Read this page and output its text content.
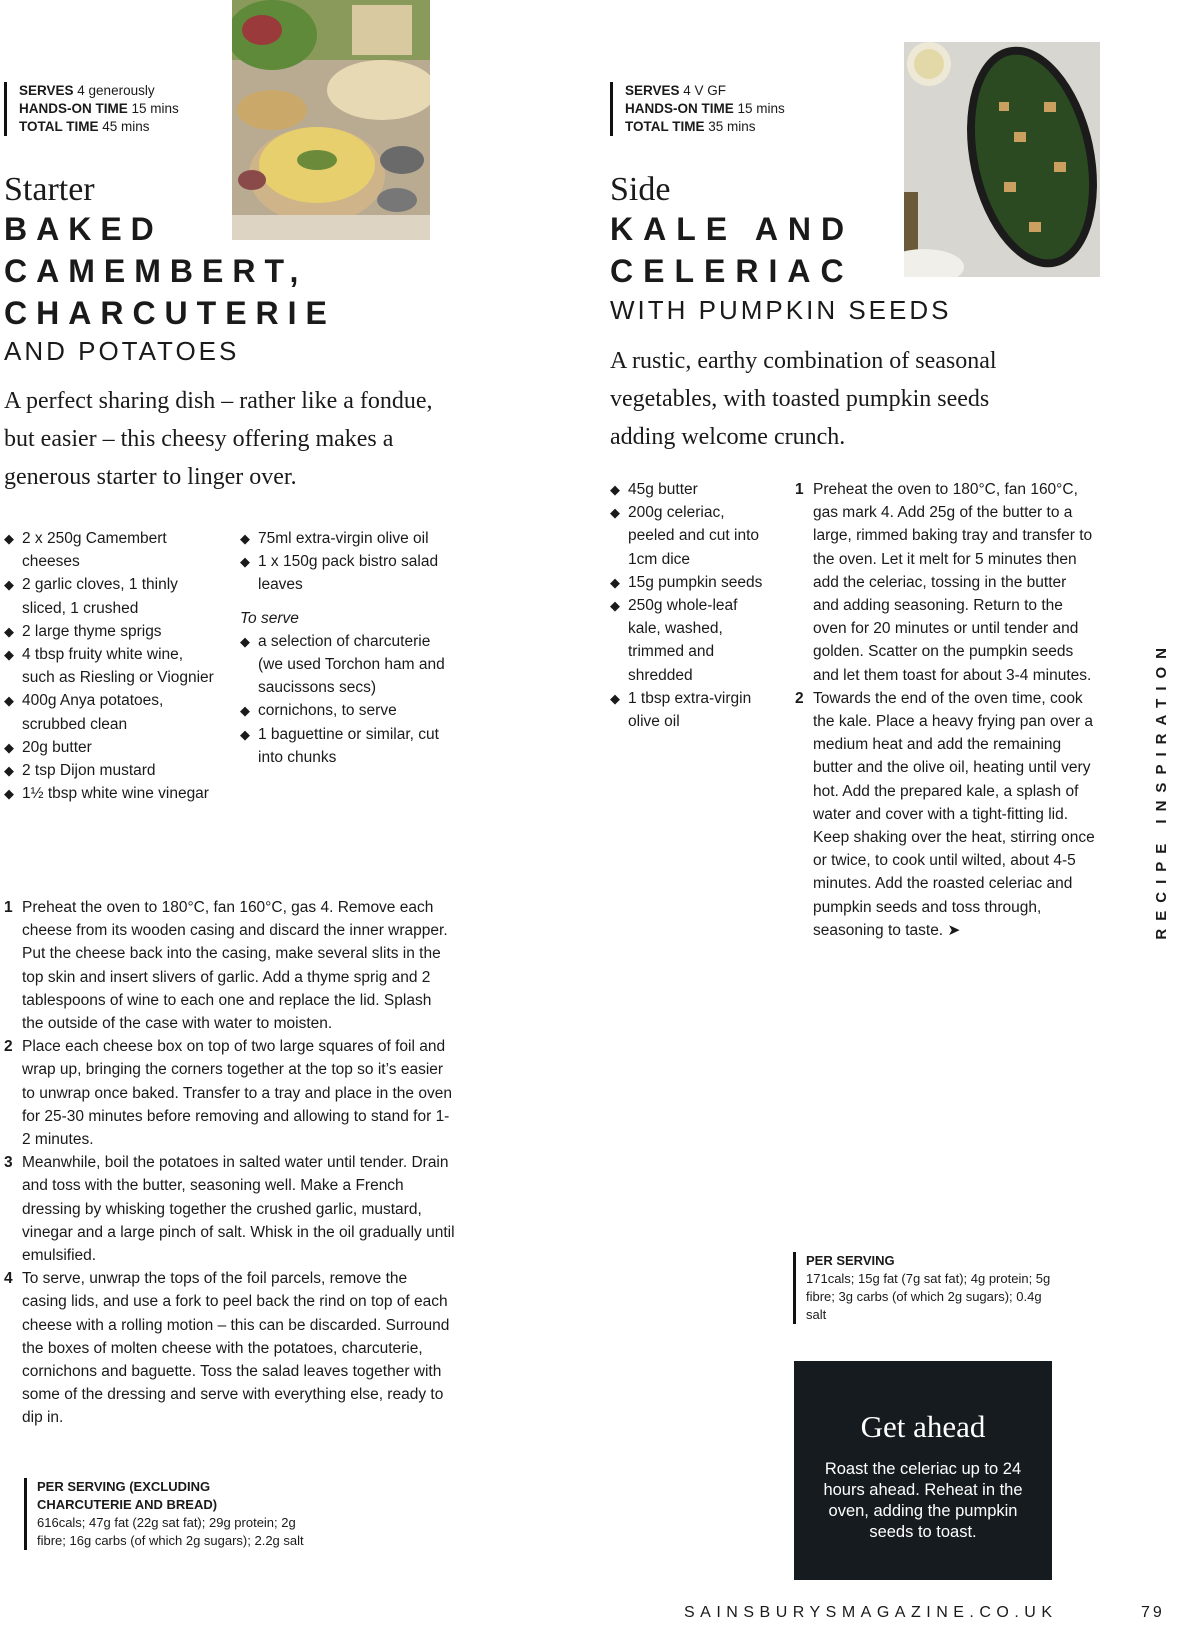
SERVES 4 generously
HANDS-ON TIME 15 mins
TOTAL TIME 45 mins
Starter
BAKED
CAMEMBERT,
CHARCUTERIE
AND POTATOES
A perfect sharing dish – rather like a fondue, but easier – this cheesy offering makes a generous starter to linger over.
◆ 2 x 250g Camembert cheeses
◆ 2 garlic cloves, 1 thinly sliced, 1 crushed
◆ 2 large thyme sprigs
◆ 4 tbsp fruity white wine, such as Riesling or Viognier
◆ 400g Anya potatoes, scrubbed clean
◆ 20g butter
◆ 2 tsp Dijon mustard
◆ 1½ tbsp white wine vinegar
◆ 75ml extra-virgin olive oil
◆ 1 x 150g pack bistro salad leaves
To serve
◆ a selection of charcuterie (we used Torchon ham and saucissons secs)
◆ cornichons, to serve
◆ 1 baguettine or similar, cut into chunks
1 Preheat the oven to 180°C, fan 160°C, gas 4. Remove each cheese from its wooden casing and discard the inner wrapper. Put the cheese back into the casing, make several slits in the top skin and insert slivers of garlic. Add a thyme sprig and 2 tablespoons of wine to each one and replace the lid. Splash the outside of the case with water to moisten.
2 Place each cheese box on top of two large squares of foil and wrap up, bringing the corners together at the top so it’s easier to unwrap once baked. Transfer to a tray and place in the oven for 25-30 minutes before removing and allowing to stand for 1-2 minutes.
3 Meanwhile, boil the potatoes in salted water until tender. Drain and toss with the butter, seasoning well. Make a French dressing by whisking together the crushed garlic, mustard, vinegar and a large pinch of salt. Whisk in the oil gradually until emulsified.
4 To serve, unwrap the tops of the foil parcels, remove the casing lids, and use a fork to peel back the rind on top of each cheese with a rolling motion – this can be discarded. Surround the boxes of molten cheese with the potatoes, charcuterie, cornichons and baguette. Toss the salad leaves together with some of the dressing and serve with everything else, ready to dip in.
PER SERVING (EXCLUDING CHARCUTERIE AND BREAD)
616cals; 47g fat (22g sat fat); 29g protein; 2g fibre; 16g carbs (of which 2g sugars); 2.2g salt
SERVES 4 V GF
HANDS-ON TIME 15 mins
TOTAL TIME 35 mins
Side
KALE AND
CELERIAC
WITH PUMPKIN SEEDS
A rustic, earthy combination of seasonal vegetables, with toasted pumpkin seeds adding welcome crunch.
◆ 45g butter
◆ 200g celeriac, peeled and cut into 1cm dice
◆ 15g pumpkin seeds
◆ 250g whole-leaf kale, washed, trimmed and shredded
◆ 1 tbsp extra-virgin olive oil
1 Preheat the oven to 180°C, fan 160°C, gas mark 4. Add 25g of the butter to a large, rimmed baking tray and transfer to the oven. Let it melt for 5 minutes then add the celeriac, tossing in the butter and adding seasoning. Return to the oven for 20 minutes or until tender and golden. Scatter on the pumpkin seeds and let them toast for about 3-4 minutes.
2 Towards the end of the oven time, cook the kale. Place a heavy frying pan over a medium heat and add the remaining butter and the olive oil, heating until very hot. Add the prepared kale, a splash of water and cover with a tight-fitting lid. Keep shaking over the heat, stirring once or twice, to cook until wilted, about 4-5 minutes. Add the roasted celeriac and pumpkin seeds and toss through, seasoning to taste. ➤
PER SERVING
171cals; 15g fat (7g sat fat); 4g protein; 5g fibre; 3g carbs (of which 2g sugars); 0.4g salt
Get ahead
Roast the celeriac up to 24 hours ahead. Reheat in the oven, adding the pumpkin seeds to toast.
RECIPE INSPIRATION
SAINSBURYSMAGAZINE.CO.UK	79
